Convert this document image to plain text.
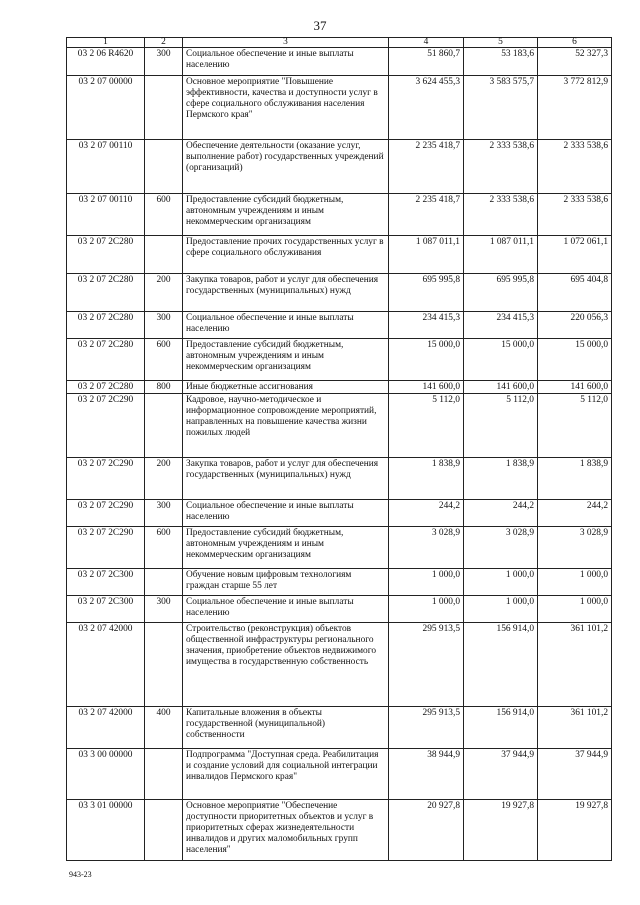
37
1	2	3	4	5	6
03 2 06 R4620	300	Социальное обеспечение и иные выплаты населению	51 860,7	53 183,6	52 327,3
03 2 07 00000		Основное мероприятие "Повышение эффективности, качества и доступности услуг в сфере социального обслуживания населения Пермского края"	3 624 455,3	3 583 575,7	3 772 812,9
03 2 07 00110		Обеспечение деятельности (оказание услуг, выполнение работ) государственных учреждений (организаций)	2 235 418,7	2 333 538,6	2 333 538,6
03 2 07 00110	600	Предоставление субсидий бюджетным, автономным учреждениям и иным некоммерческим организациям	2 235 418,7	2 333 538,6	2 333 538,6
03 2 07 2C280		Предоставление прочих государственных услуг в сфере социального обслуживания	1 087 011,1	1 087 011,1	1 072 061,1
03 2 07 2C280	200	Закупка товаров, работ и услуг для обеспечения государственных (муниципальных) нужд	695 995,8	695 995,8	695 404,8
03 2 07 2C280	300	Социальное обеспечение и иные выплаты населению	234 415,3	234 415,3	220 056,3
03 2 07 2C280	600	Предоставление субсидий бюджетным, автономным учреждениям и иным некоммерческим организациям	15 000,0	15 000,0	15 000,0
03 2 07 2C280	800	Иные бюджетные ассигнования	141 600,0	141 600,0	141 600,0
03 2 07 2C290		Кадровое, научно-методическое и информационное сопровождение мероприятий, направленных на повышение качества жизни пожилых людей	5 112,0	5 112,0	5 112,0
03 2 07 2C290	200	Закупка товаров, работ и услуг для обеспечения государственных (муниципальных) нужд	1 838,9	1 838,9	1 838,9
03 2 07 2C290	300	Социальное обеспечение и иные выплаты населению	244,2	244,2	244,2
03 2 07 2C290	600	Предоставление субсидий бюджетным, автономным учреждениям и иным некоммерческим организациям	3 028,9	3 028,9	3 028,9
03 2 07 2C300		Обучение новым цифровым технологиям граждан старше 55 лет	1 000,0	1 000,0	1 000,0
03 2 07 2C300	300	Социальное обеспечение и иные выплаты населению	1 000,0	1 000,0	1 000,0
03 2 07 42000		Строительство (реконструкция) объектов общественной инфраструктуры регионального значения, приобретение объектов недвижимого имущества в государственную собственность	295 913,5	156 914,0	361 101,2
03 2 07 42000	400	Капитальные вложения в объекты государственной (муниципальной) собственности	295 913,5	156 914,0	361 101,2
03 3 00 00000		Подпрограмма "Доступная среда. Реабилитация и создание условий для социальной интеграции инвалидов Пермского края"	38 944,9	37 944,9	37 944,9
03 3 01 00000		Основное мероприятие "Обеспечение доступности приоритетных объектов и услуг в приоритетных сферах жизнедеятельности инвалидов и других маломобильных групп населения"	20 927,8	19 927,8	19 927,8
943-23
